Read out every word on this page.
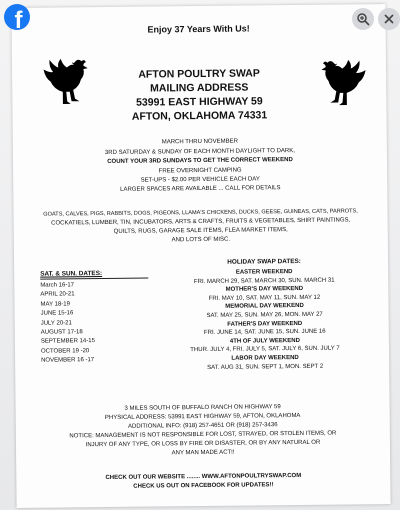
f	Enjoy 37 Years With Us!
AFTON POULTRY SWAP
MAILING ADDRESS
53991 EAST HIGHWAY 59
AFTON, OKLAHOMA 74331
MARCH THRU NOVEMBER
3RD SATURDAY & SUNDAY OF EACH MONTH DAYLIGHT TO DARK,
COUNT YOUR 3RD SUNDAYS TO GET THE CORRECT WEEKEND
FREE OVERNIGHT CAMPING
SET-UPS - $2.00 PER VEHICLE EACH DAY
LARGER SPACES ARE AVAILABLE ... CALL FOR DETAILS
GOATS, CALVES, PIGS, RABBITS, DOGS, PIGEONS, LLAMA'S CHICKENS, DUCKS, GEESE, GUINEAS, CATS, PARROTS,
COCKATIELS, LUMBER, TIN, INCUBATORS, ARTS & CRAFTS, FRUITS & VEGETABLES, SHIRT PAINTINGS,
QUILTS, RUGS, GARAGE SALE ITEMS, FLEA MARKET ITEMS,
AND LOTS OF MISC.
SAT. & SUN. DATES:
March 16-17
APRIL 20-21
MAY 18-19
JUNE 15-16
JULY 20-21
AUGUST 17-18
SEPTEMBER 14-15
OCTOBER 19 -20
NOVEMBER 16 -17
HOLIDAY SWAP DATES:
EASTER WEEKEND
FRI. MARCH 29, SAT. MARCH 30, SUN. MARCH 31
MOTHER'S DAY WEEKEND
FRI. MAY 10, SAT. MAY 11, SUN. MAY 12
MEMORIAL DAY WEEKEND
SAT. MAY 25, SUN. MAY 26, MON. MAY 27
FATHER'S DAY WEEKEND
FRI. JUNE 14, SAT. JUNE 15, SUN. JUNE 16
4TH OF JULY WEEKEND
THUR. JULY 4, FRI. JULY 5, SAT. JULY 6, SUN. JULY 7
LABOR DAY WEEKEND
SAT. AUG 31, SUN. SEPT 1, MON. SEPT 2
3 MILES SOUTH OF BUFFALO RANCH ON HIGHWAY 59
PHYSICAL ADDRESS: 53991 EAST HIGHWAY 59, AFTON, OKLAHOMA
ADDITIONAL INFO: (918) 257-4651 OR (918) 257-3436
NOTICE: MANAGEMENT IS NOT RESPONSIBLE FOR LOST, STRAYED, OR STOLEN ITEMS, OR
INJURY OF ANY TYPE, OR LOSS BY FIRE OR DISASTER, OR BY ANY NATURAL OR
ANY MAN MADE ACT!!
CHECK OUT OUR WEBSITE ........ WWW.AFTONPOULTRYSWAP.COM
CHECK US OUT ON FACEBOOK FOR UPDATES!!
